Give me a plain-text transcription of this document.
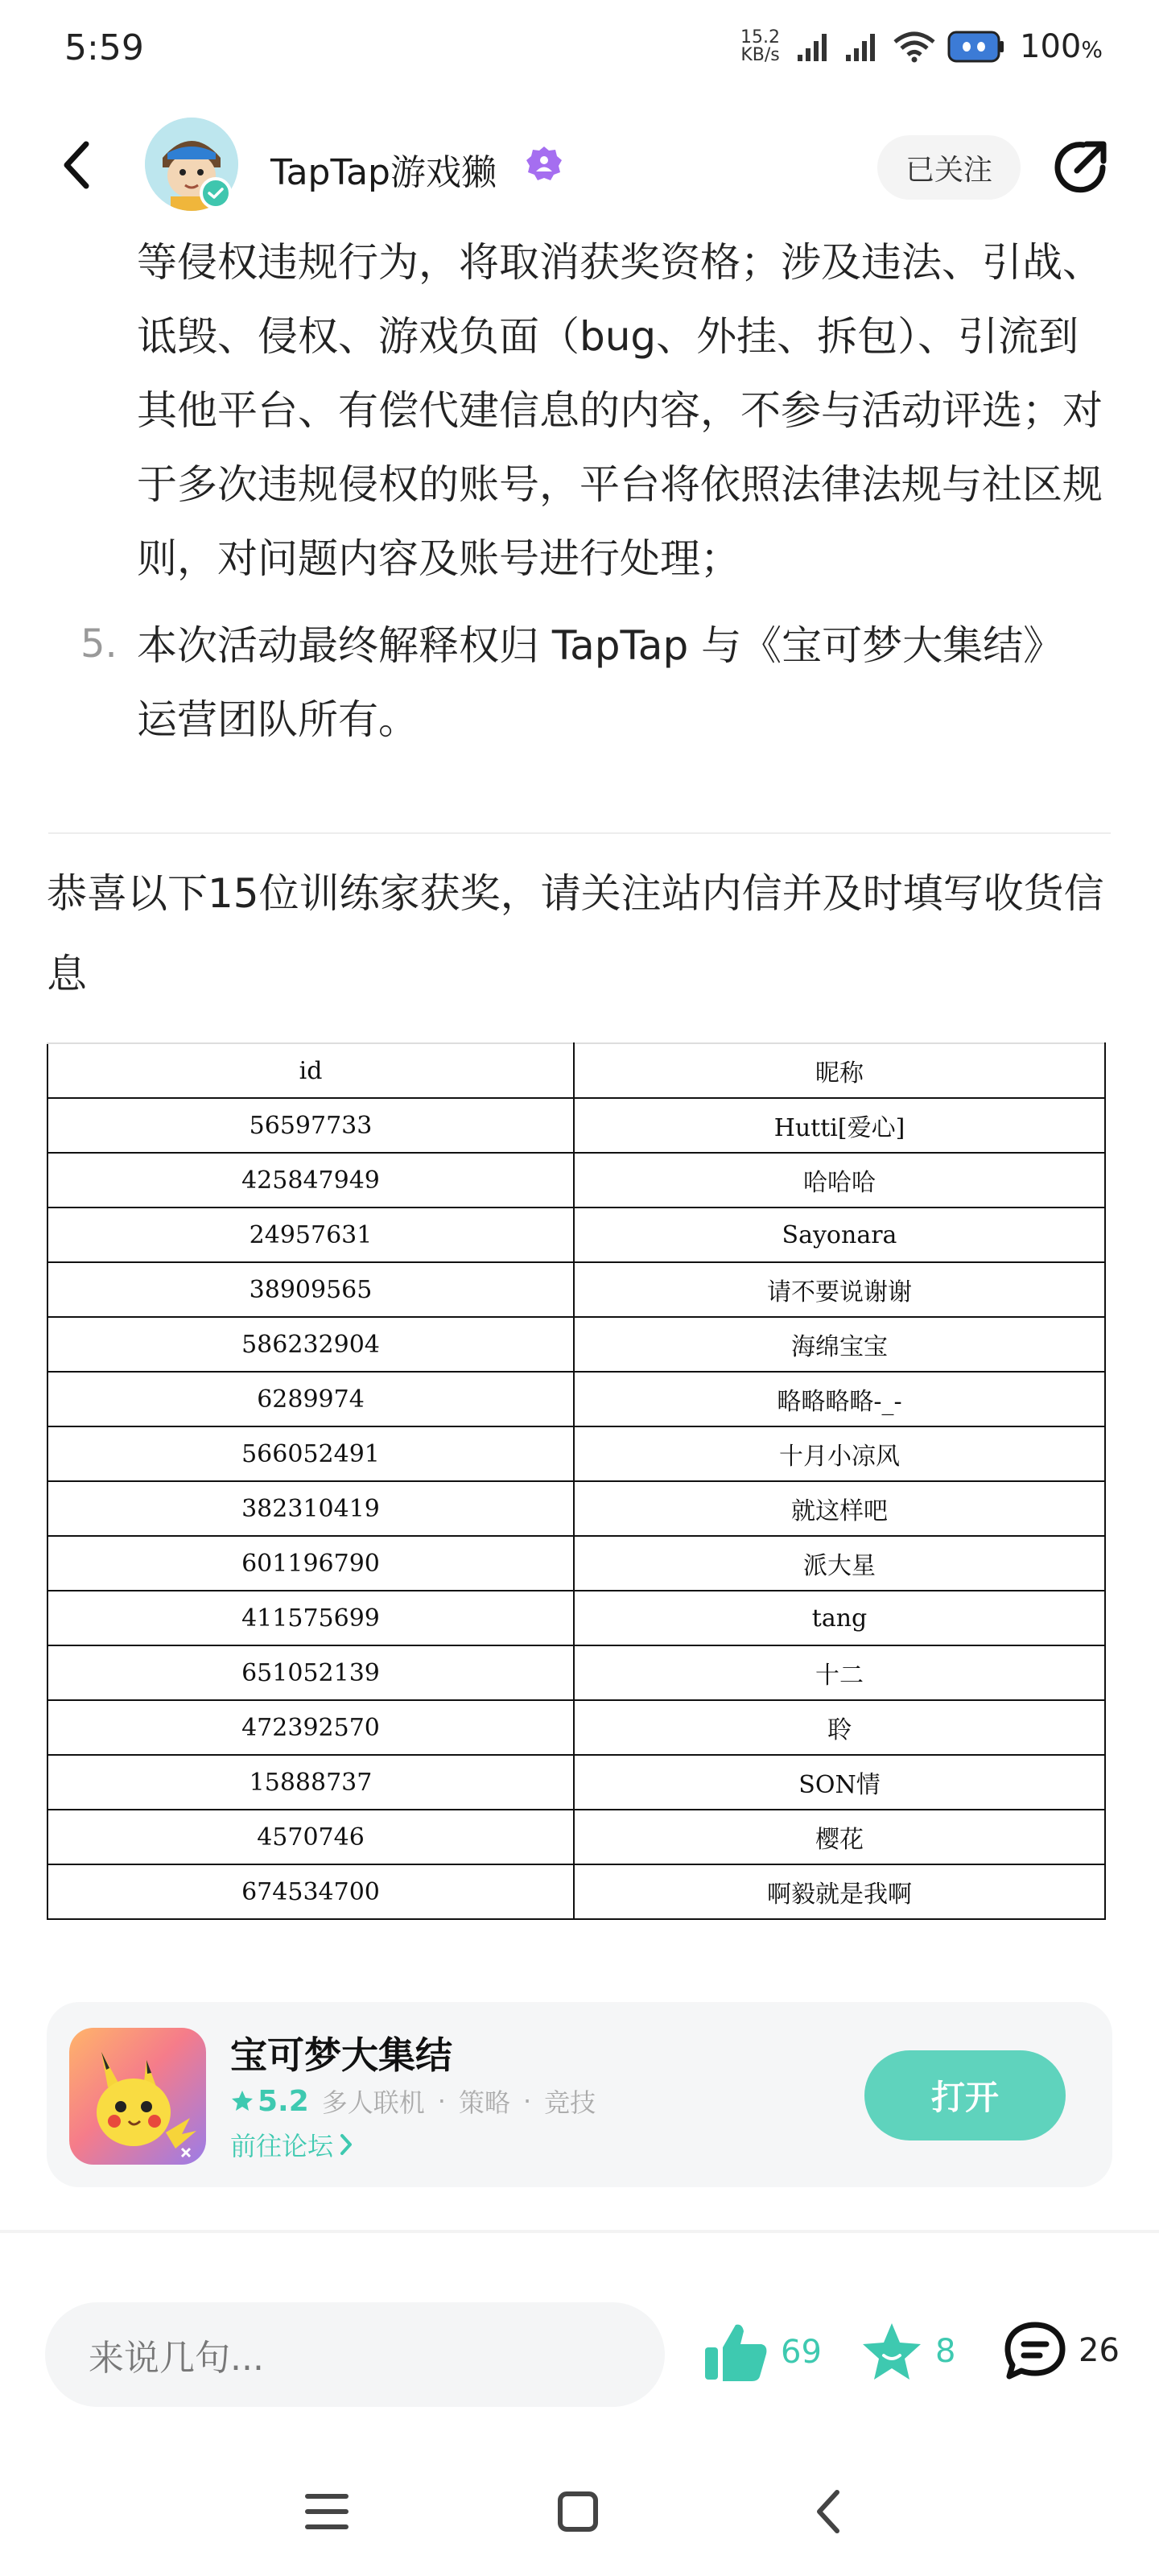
5:59	15.2
KB/s	100%
TapTap游戏獭	已关注
等侵权违规行为，将取消获奖资格；涉及违法、引战、诋毁、侵权、游戏负面（bug、外挂、拆包）、引流到其他平台、有偿代建信息的内容，不参与活动评选；对于多次违规侵权的账号，平台将依照法律法规与社区规则，对问题内容及账号进行处理；
5. 本次活动最终解释权归 TapTap 与《宝可梦大集结》运营团队所有。
恭喜以下15位训练家获奖，请关注站内信并及时填写收货信息
id	昵称
56597733	Hutti[爱心]
425847949	哈哈哈
24957631	Sayonara
38909565	请不要说谢谢
586232904	海绵宝宝
6289974	略略略略-_-
566052491	十月小凉风
382310419	就这样吧
601196790	派大星
411575699	tang
651052139	十二
472392570	聆
15888737	SON情
4570746	樱花
674534700	啊毅就是我啊
宝可梦大集结
5.2 多人联机 · 策略 · 竞技
前往论坛
打开
来说几句...	69	8	26
